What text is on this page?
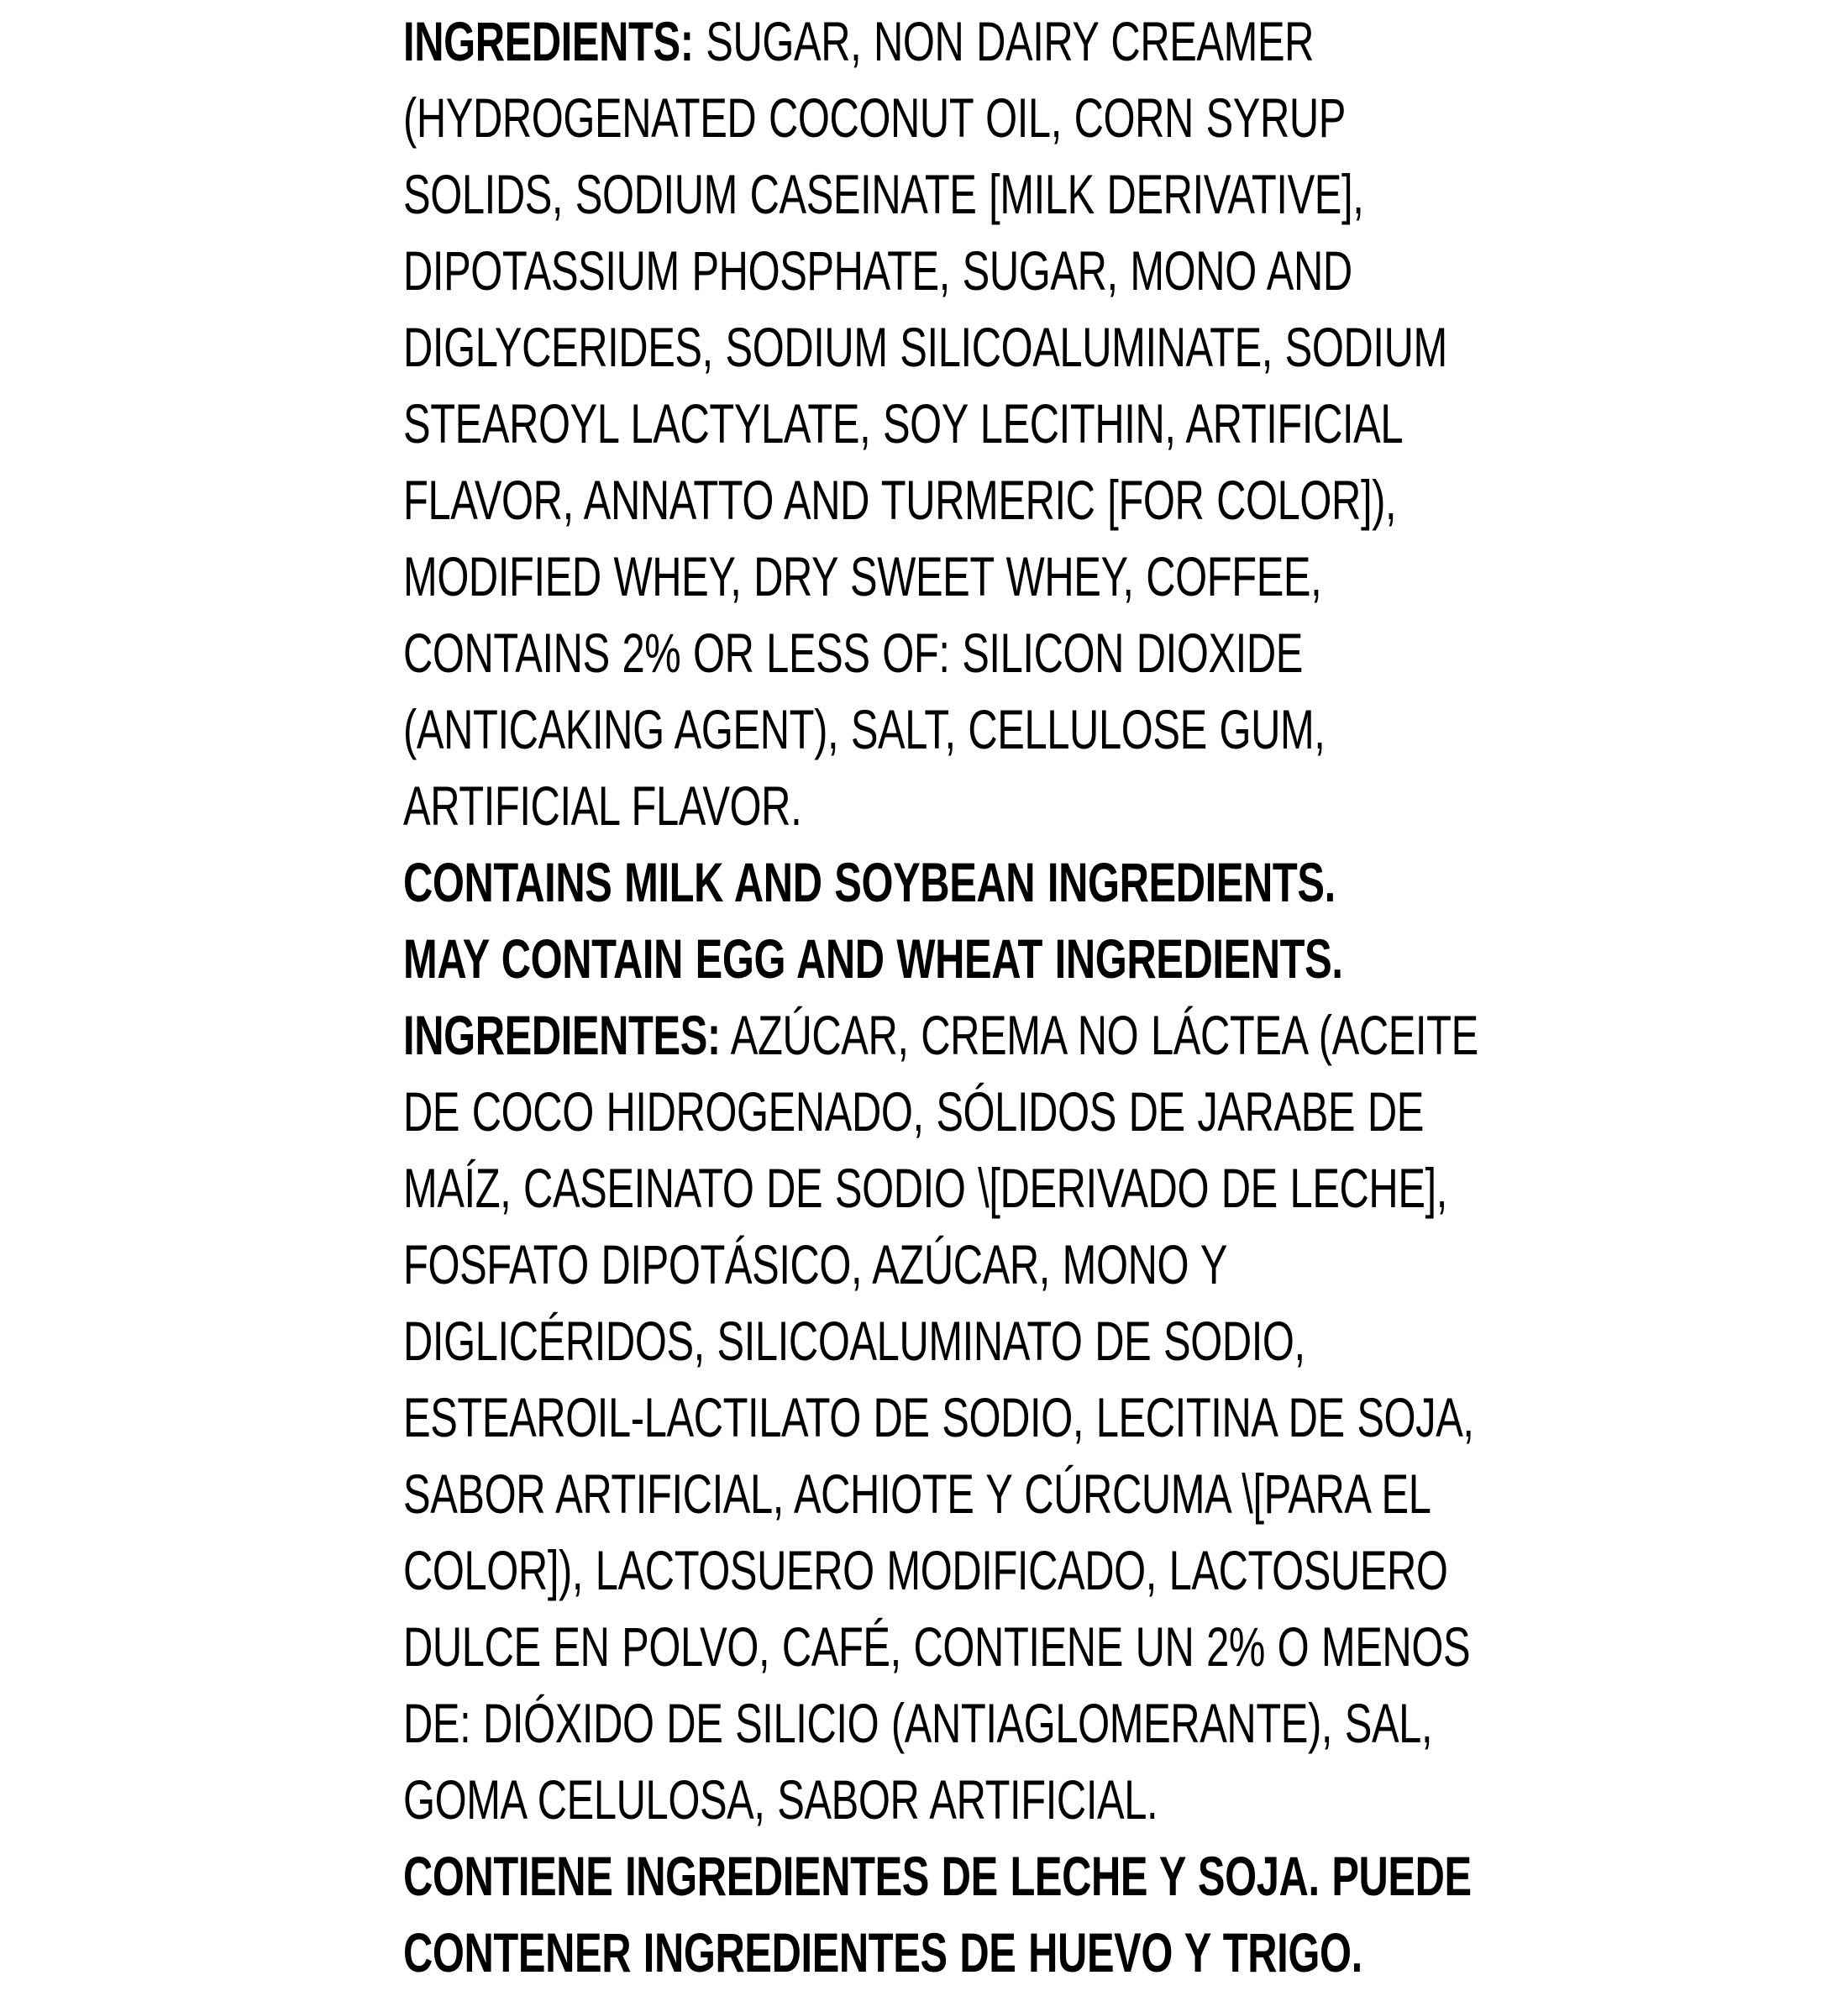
INGREDIENTS: SUGAR, NON DAIRY CREAMER (HYDROGENATED COCONUT OIL, CORN SYRUP SOLIDS, SODIUM CASEINATE [MILK DERIVATIVE], DIPOTASSIUM PHOSPHATE, SUGAR, MONO AND DIGLYCERIDES, SODIUM SILICOALUMINATE, SODIUM STEAROYL LACTYLATE, SOY LECITHIN, ARTIFICIAL FLAVOR, ANNATTO AND TURMERIC [FOR COLOR]), MODIFIED WHEY, DRY SWEET WHEY, COFFEE, CONTAINS 2% OR LESS OF: SILICON DIOXIDE (ANTICAKING AGENT), SALT, CELLULOSE GUM, ARTIFICIAL FLAVOR.

CONTAINS MILK AND SOYBEAN INGREDIENTS.

MAY CONTAIN EGG AND WHEAT INGREDIENTS.

INGREDIENTES: AZÚCAR, CREMA NO LÁCTEA (ACEITE DE COCO HIDROGENADO, SÓLIDOS DE JARABE DE MAÍZ, CASEINATO DE SODIO \[DERIVADO DE LECHE], FOSFATO DIPOTÁSICO, AZÚCAR, MONO Y DIGLICÉRIDOS, SILICOALUMINATO DE SODIO, ESTEAROIL-LACTILATO DE SODIO, LECITINA DE SOJA, SABOR ARTIFICIAL, ACHIOTE Y CÚRCUMA \[PARA EL COLOR]), LACTOSUERO MODIFICADO, LACTOSUERO DULCE EN POLVO, CAFÉ, CONTIENE UN 2% O MENOS DE: DIÓXIDO DE SILICIO (ANTIAGLOMERANTE), SAL, GOMA CELULOSA, SABOR ARTIFICIAL.

CONTIENE INGREDIENTES DE LECHE Y SOJA. PUEDE CONTENER INGREDIENTES DE HUEVO Y TRIGO.
